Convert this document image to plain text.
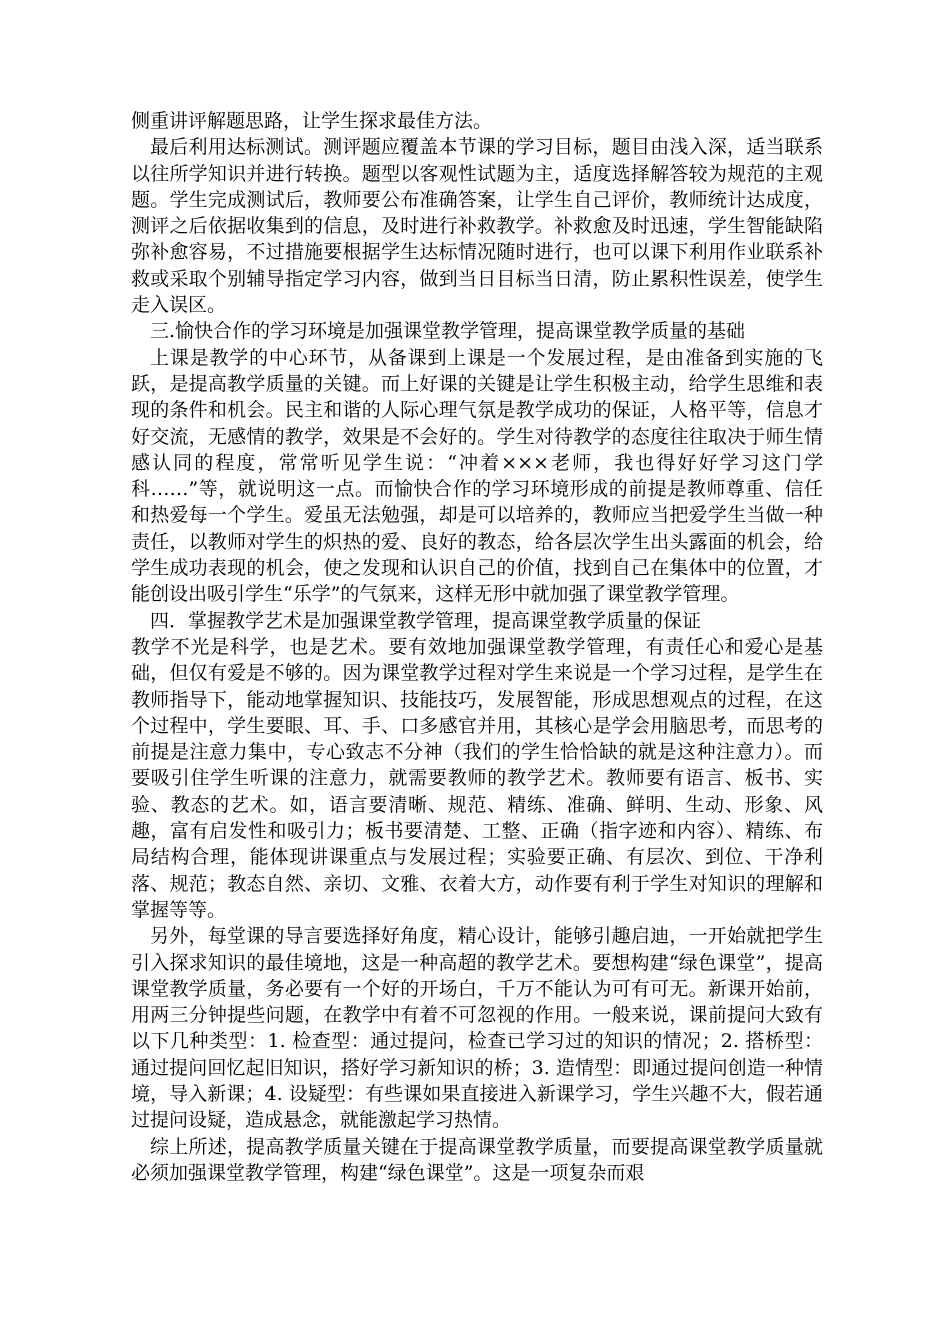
侧重讲评解题思路，让学生探求最佳方法。

最后利用达标测试。测评题应覆盖本节课的学习目标，题目由浅入深，适当联系以往所学知识并进行转换。题型以客观性试题为主，适度选择解答较为规范的主观题。学生完成测试后，教师要公布准确答案，让学生自己评价，教师统计达成度，测评之后依据收集到的信息，及时进行补救教学。补救愈及时迅速，学生智能缺陷弥补愈容易，不过措施要根据学生达标情况随时进行，也可以课下利用作业联系补救或采取个别辅导指定学习内容，做到当日目标当日清，防止累积性误差，使学生走入误区。

三.愉快合作的学习环境是加强课堂教学管理，提高课堂教学质量的基础

上课是教学的中心环节，从备课到上课是一个发展过程，是由准备到实施的飞跃，是提高教学质量的关键。而上好课的关键是让学生积极主动，给学生思维和表现的条件和机会。民主和谐的人际心理气氛是教学成功的保证，人格平等，信息才好交流，无感情的教学，效果是不会好的。学生对待教学的态度往往取决于师生情感认同的程度，常常听见学生说：“冲着×××老师，我也得好好学习这门学科……”等，就说明这一点。而愉快合作的学习环境形成的前提是教师尊重、信任和热爱每一个学生。爱虽无法勉强，却是可以培养的，教师应当把爱学生当做一种责任，以教师对学生的炽热的爱、良好的教态，给各层次学生出头露面的机会，给学生成功表现的机会，使之发现和认识自己的价值，找到自己在集体中的位置，才能创设出吸引学生“乐学”的气氛来，这样无形中就加强了课堂教学管理。

四．掌握教学艺术是加强课堂教学管理，提高课堂教学质量的保证

教学不光是科学，也是艺术。要有效地加强课堂教学管理，有责任心和爱心是基础，但仅有爱是不够的。因为课堂教学过程对学生来说是一个学习过程，是学生在教师指导下，能动地掌握知识、技能技巧，发展智能，形成思想观点的过程，在这个过程中，学生要眼、耳、手、口多感官并用，其核心是学会用脑思考，而思考的前提是注意力集中，专心致志不分神（我们的学生恰恰缺的就是这种注意力）。而要吸引住学生听课的注意力，就需要教师的教学艺术。教师要有语言、板书、实验、教态的艺术。如，语言要清晰、规范、精练、准确、鲜明、生动、形象、风趣，富有启发性和吸引力；板书要清楚、工整、正确（指字迹和内容）、精练、布局结构合理，能体现讲课重点与发展过程；实验要正确、有层次、到位、干净利落、规范；教态自然、亲切、文雅、衣着大方，动作要有利于学生对知识的理解和掌握等等。

另外，每堂课的导言要选择好角度，精心设计，能够引趣启迪，一开始就把学生引入探求知识的最佳境地，这是一种高超的教学艺术。要想构建“绿色课堂”，提高课堂教学质量，务必要有一个好的开场白，千万不能认为可有可无。新课开始前，用两三分钟提些问题，在教学中有着不可忽视的作用。一般来说，课前提问大致有以下几种类型：1. 检查型：通过提问，检查已学习过的知识的情况；2. 搭桥型：通过提问回忆起旧知识，搭好学习新知识的桥；3. 造情型：即通过提问创造一种情境，导入新课；4. 设疑型：有些课如果直接进入新课学习，学生兴趣不大，假若通过提问设疑，造成悬念，就能激起学习热情。

综上所述，提高教学质量关键在于提高课堂教学质量，而要提高课堂教学质量就必须加强课堂教学管理，构建“绿色课堂”。这是一项复杂而艰
